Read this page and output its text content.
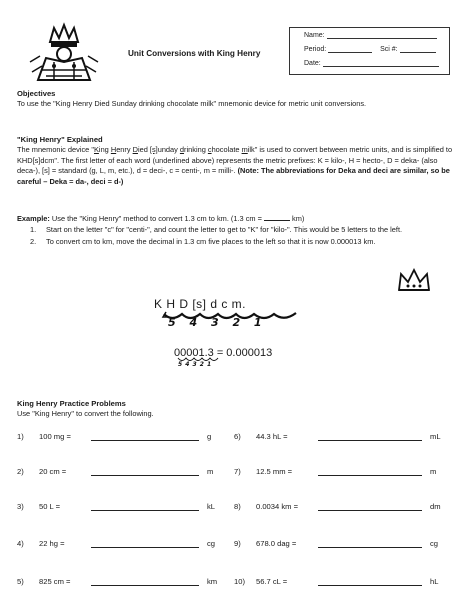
Unit Conversions with King Henry
Name:
Period:	Sci #:
Date:
Objectives
To use the "King Henry Died Sunday drinking chocolate milk" mnemonic device for metric unit conversions.
"King Henry" Explained
The mnemonic device "King Henry Died [s]unday drinking chocolate milk" is used to convert between metric units, and is simplified to KHD[s]dcm". The first letter of each word (underlined above) represents the metric prefixes: K = kilo-, H = hecto-, D = deka- (also deca-), [s] = standard (g, L, m, etc.), d = deci-, c = centi-, m = milli-. (Note: The abbreviations for Deka and deci are similar, so be careful – Deka = da-, deci = d-)
Example: Use the "King Henry" method to convert 1.3 cm to km. (1.3 cm =	km)
1. Start on the letter "c" for "centi-", and count the letter to get to "K" for "kilo-". This would be 5 letters to the left.
2. To convert cm to km, move the decimal in 1.3 cm five places to the left so that it is now 0.000013 km.
K H D [s] d c m.
5 4 3 2 1
00001.3 = 0.000013
5 4 3 2 1
King Henry Practice Problems
Use "King Henry" to convert the following.
1) 100 mg =	g
2) 20 cm =	m
3) 50 L =	kL
4) 22 hg =	cg
5) 825 cm =	km
6) 44.3 hL =	mL
7) 12.5 mm =	m
8) 0.0034 km =	dm
9) 678.0 dag =	cg
10) 56.7 cL =	hL
